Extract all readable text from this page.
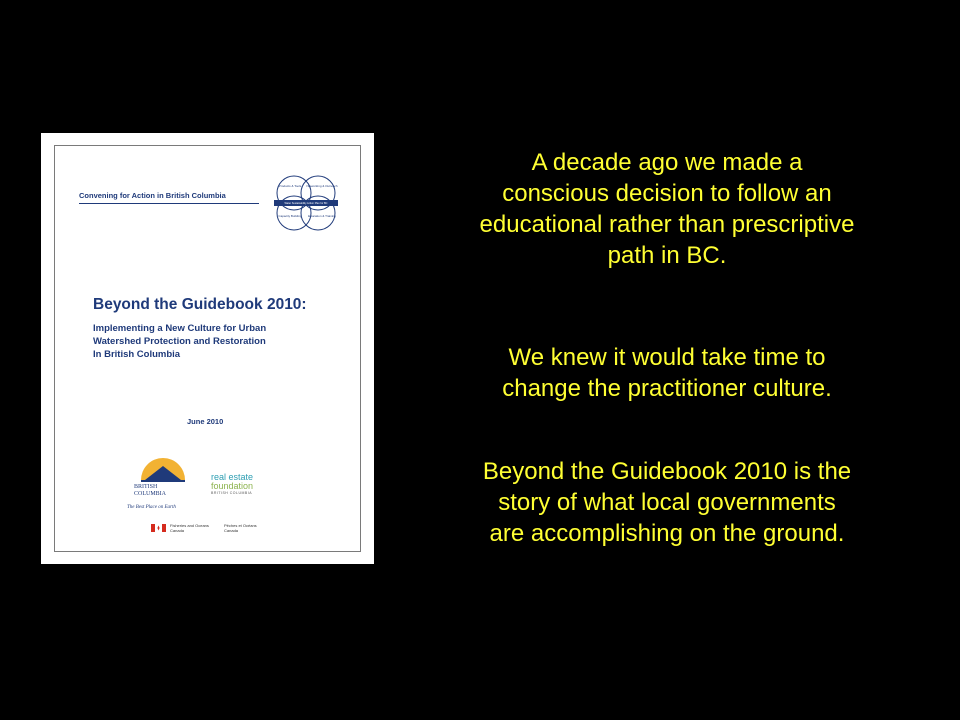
Convening for Action in British Columbia
Products & Tools Networking & Outreach
Water Sustainability Action Plan for BC
Capacity Building Education & Training
Beyond the Guidebook 2010:
Implementing a New Culture for Urban
Watershed Protection and Restoration
In British Columbia
June 2010
BRITISH
COLUMBIA
The Best Place on Earth
real estate
foundation
BRITISH COLUMBIA
Fisheries and Oceans
Canada
Pêches et Océans
Canada
A decade ago we made a
conscious decision to follow an
educational rather than prescriptive
path in BC.
We knew it would take time to
change the practitioner culture.
Beyond the Guidebook 2010 is the
story of what local governments
are accomplishing on the ground.
